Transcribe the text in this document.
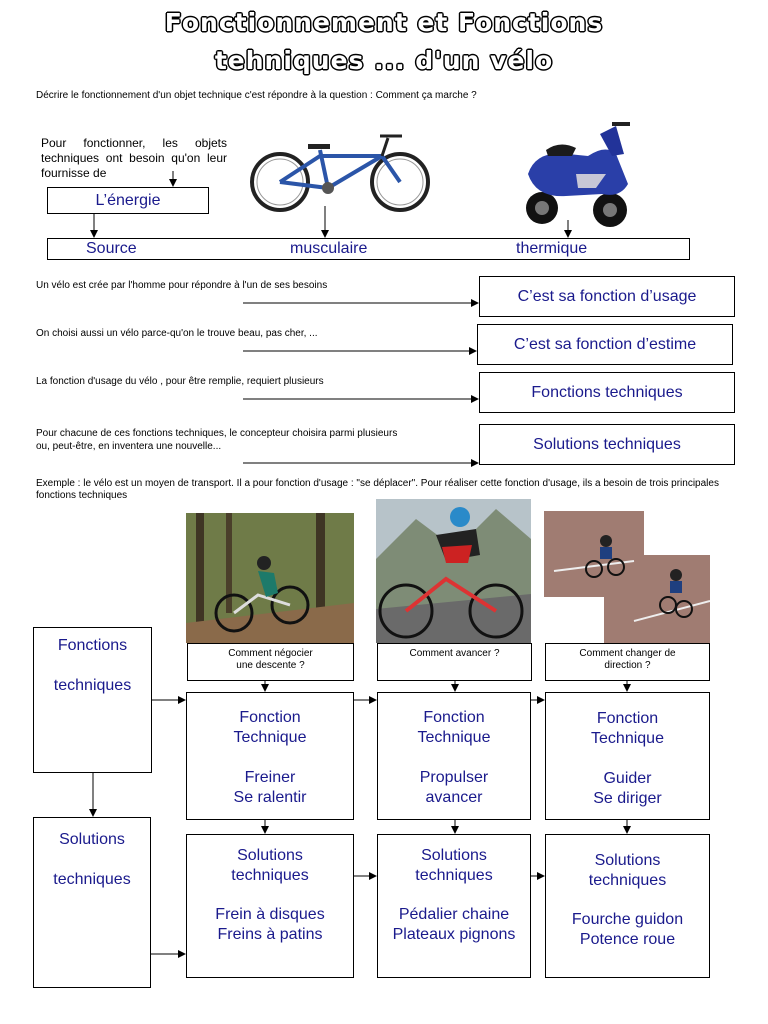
Fonctionnement et Fonctions
tehniques ... d'un vélo
Décrire le fonctionnement d'un objet technique c'est répondre à la question : Comment ça marche ?
Pour fonctionner, les objets techniques ont besoin qu'on leur fournisse de
L’énergie
Source	musculaire	thermique
Un vélo est crée par l'homme pour répondre à l'un de ses besoins
C’est sa fonction d’usage
On choisi aussi un vélo parce-qu'on le trouve beau, pas cher, ...
C’est sa fonction d’estime
La fonction d'usage du vélo , pour être remplie, requiert plusieurs
Fonctions techniques
Pour chacune de ces fonctions techniques, le concepteur choisira parmi plusieurs
ou, peut-être, en inventera une nouvelle...	Solutions techniques
Exemple : le vélo est un moyen de transport. Il a pour fonction d'usage : "se déplacer". Pour réaliser cette fonction d'usage, ils a besoin de trois principales fonctions techniques
Comment négocier une descente ?
Comment avancer ?	Comment changer de direction ?
Fonctions
techniques
Solutions
techniques
Fonction
Technique
Freiner
Se ralentir
Fonction
Technique
Propulser
avancer
Fonction
Technique
Guider
Se diriger
Solutions
techniques
Frein à disques
Freins à patins
Solutions
techniques
Pédalier chaine
Plateaux pignons
Solutions
techniques
Fourche guidon
Potence roue
